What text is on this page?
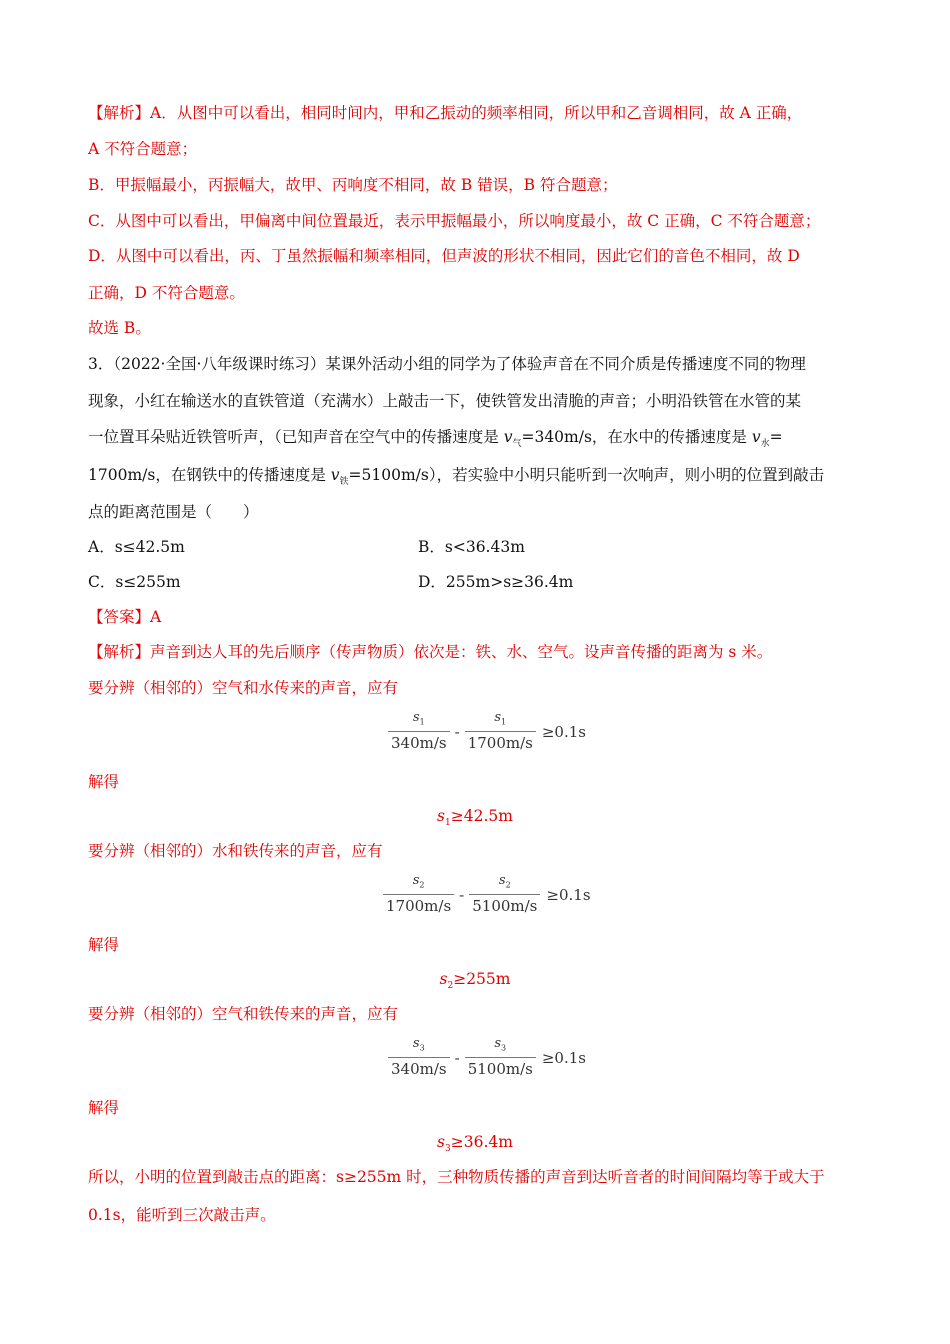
【解析】A．从图中可以看出，相同时间内，甲和乙振动的频率相同，所以甲和乙音调相同，故 A 正确，
A 不符合题意；
B．甲振幅最小，丙振幅大，故甲、丙响度不相同，故 B 错误，B 符合题意；
C．从图中可以看出，甲偏离中间位置最近，表示甲振幅最小，所以响度最小，故 C 正确，C 不符合题意；
D．从图中可以看出，丙、丁虽然振幅和频率相同，但声波的形状不相同，因此它们的音色不相同，故 D
正确，D 不符合题意。
故选 B。
3．（2022·全国·八年级课时练习）某课外活动小组的同学为了体验声音在不同介质是传播速度不同的物理
现象，小红在输送水的直铁管道（充满水）上敲击一下，使铁管发出清脆的声音；小明沿铁管在水管的某
一位置耳朵贴近铁管听声，（已知声音在空气中的传播速度是 $v_气=340m/s$，在水中的传播速度是 $v_水=$
1700m/s，在钢铁中的传播速度是 $v_铁=5100m/s$），若实验中小明只能听到一次响声，则小明的位置到敲击
点的距离范围是（　　）
A．s≤42.5m	B．s<36.43m
C．s≤255m	D．255m>s≥36.4m
【答案】A
【解析】声音到达人耳的先后顺序（传声物质）依次是：铁、水、空气。设声音传播的距离为 s 米。
要分辨（相邻的）空气和水传来的声音，应有
$\frac{s_1}{340m/s} - \frac{s_1}{1700m/s} \ge 0.1s$
解得
$s_1\ge 42.5m$
要分辨（相邻的）水和铁传来的声音，应有
$\frac{s_2}{1700m/s} - \frac{s_2}{5100m/s} \ge 0.1s$
解得
$s_2\ge 255m$
要分辨（相邻的）空气和铁传来的声音，应有
$\frac{s_3}{340m/s} - \frac{s_3}{5100m/s} \ge 0.1s$
解得
$s_3\ge 36.4m$
所以，小明的位置到敲击点的距离：s≥255m 时，三种物质传播的声音到达听音者的时间间隔均等于或大于
0.1s，能听到三次敲击声。
